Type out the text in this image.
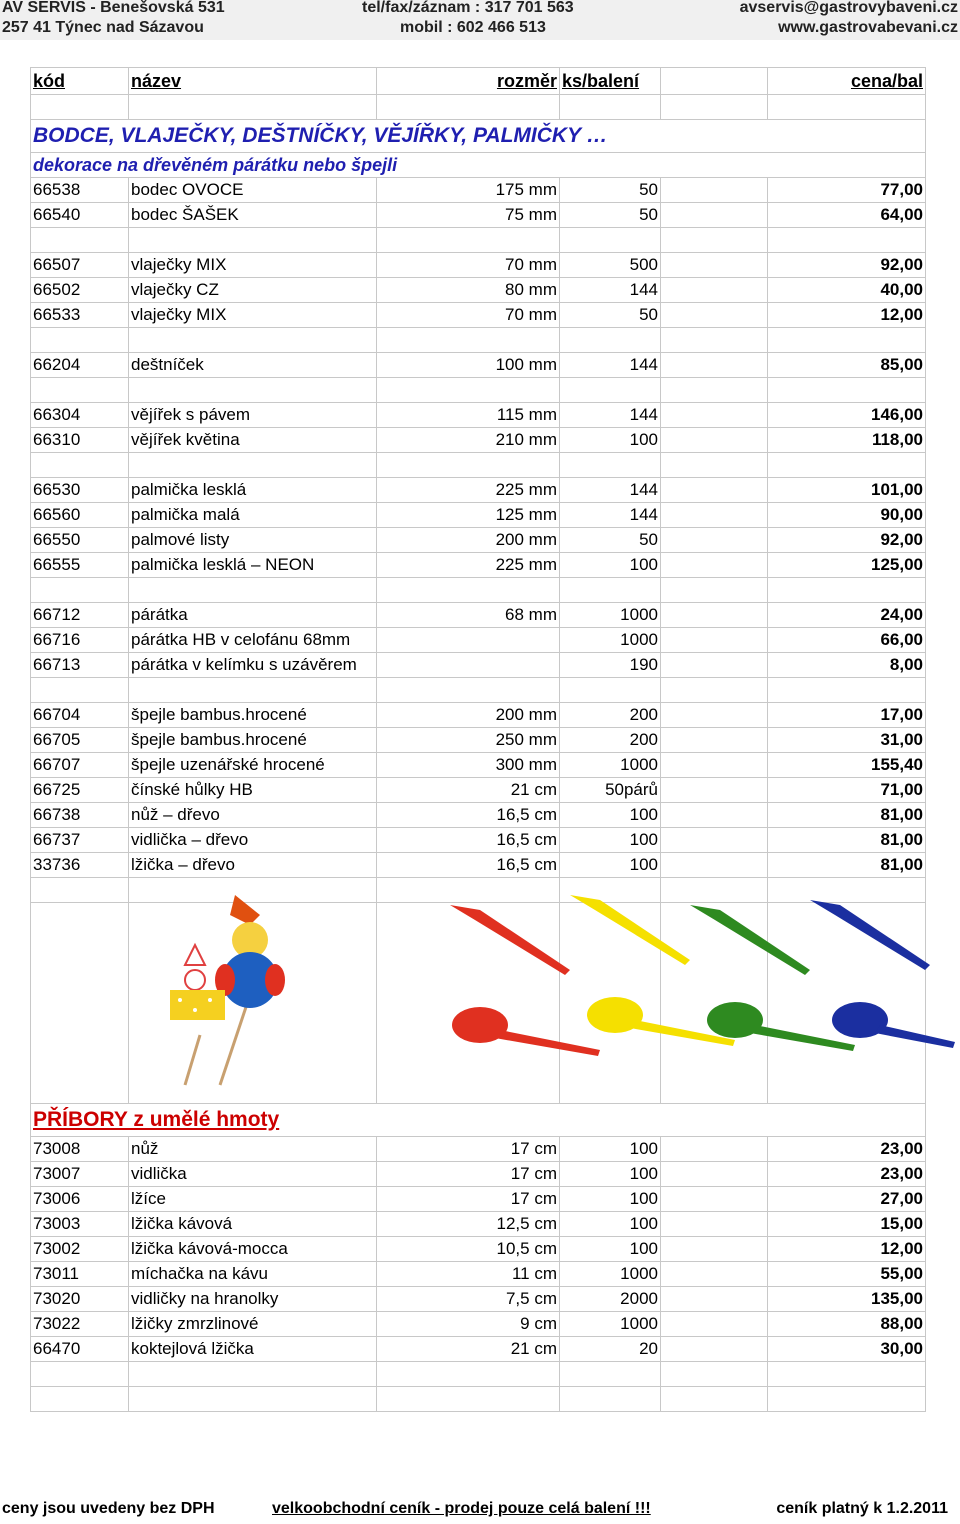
AV SERVIS - Benešovská 531
257 41 Týnec nad Sázavou
tel/fax/záznam : 317 701 563
mobil : 602 466 513
avservis@gastrovybaveni.cz
www.gastrovabevani.cz
kód	název	rozměr	ks/balení		cena/bal

BODCE, VLAJEČKY, DEŠTNÍČKY, VĚJÍŘKY, PALMIČKY …					
dekorace na dřevěném párátku nebo špejli					
66538	bodec OVOCE	175 mm	50		77,00
66540	bodec ŠAŠEK	75 mm	50		64,00

66507	vlaječky MIX	70 mm	500		92,00
66502	vlaječky CZ	80 mm	144		40,00
66533	vlaječky MIX	70 mm	50		12,00

66204	deštníček	100 mm	144		85,00

66304	vějířek s pávem	115 mm	144		146,00
66310	vějířek květina	210 mm	100		118,00

66530	palmička lesklá	225 mm	144		101,00
66560	palmička malá	125 mm	144		90,00
66550	palmové listy	200 mm	50		92,00
66555	palmička lesklá – NEON	225 mm	100		125,00

66712	párátka	68 mm	1000		24,00
66716	párátka HB v celofánu 68mm		1000		66,00
66713	párátka v kelímku s uzávěrem		190		8,00

66704	špejle bambus.hrocené	200 mm	200		17,00
66705	špejle bambus.hrocené	250 mm	200		31,00
66707	špejle uzenářské hrocené	300 mm	1000		155,40
66725	čínské hůlky HB	21 cm	50párů		71,00
66738	nůž – dřevo	16,5 cm	100		81,00
66737	vidlička – dřevo	16,5 cm	100		81,00
33736	lžička – dřevo	16,5 cm	100		81,00

PŘÍBORY z umělé hmoty					
73008	nůž	17 cm	100		23,00
73007	vidlička	17 cm	100		23,00
73006	lžíce	17 cm	100		27,00
73003	lžička kávová	12,5 cm	100		15,00
73002	lžička kávová-mocca	10,5 cm	100		12,00
73011	míchačka na kávu	11 cm	1000		55,00
73020	vidličky na hranolky	7,5 cm	2000		135,00
73022	lžičky zmrzlinové	9 cm	1000		88,00
66470	koktejlová lžička	21 cm	20		30,00

ceny jsou uvedeny bez DPH	velkoobchodní ceník - prodej pouze celá balení !!!	ceník platný k 1.2.2011
